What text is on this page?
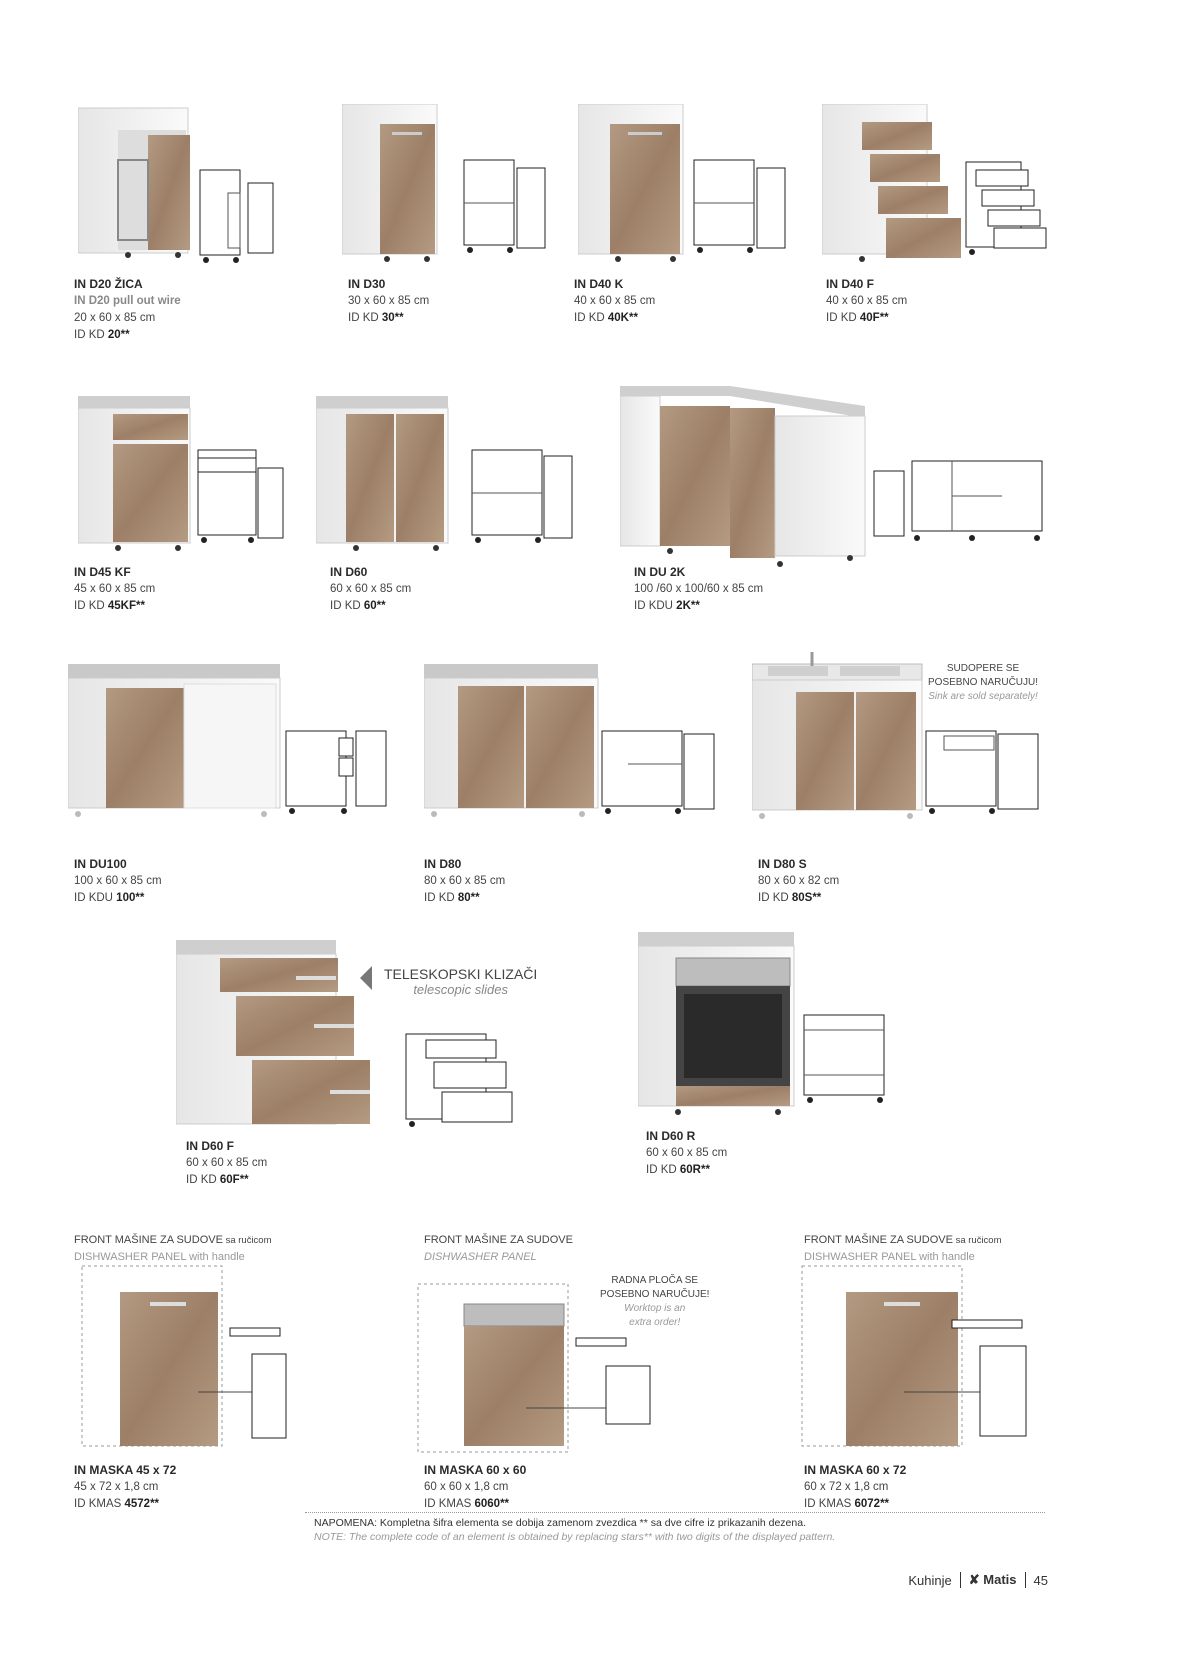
IN D20 ŽICA
IN D20 pull out wire
20 x 60 x 85 cm
ID KD 20**
IN D30
30 x 60 x 85 cm
ID KD 30**
IN D40 K
40 x 60 x 85 cm
ID KD 40K**
IN D40 F
40 x 60 x 85 cm
ID KD 40F**
IN D45 KF
45 x 60 x 85 cm
ID KD 45KF**
IN D60
60 x 60 x 85 cm
ID KD 60**
IN DU 2K
100 /60 x 100/60 x 85 cm
ID KDU 2K**
IN DU100
100 x 60 x 85 cm
ID KDU 100**
IN D80
80 x 60 x 85 cm
ID KD 80**
SUDOPERE SE
POSEBNO NARUČUJU!
Sink are sold separately!
IN D80 S
80 x 60 x 82 cm
ID KD 80S**
TELESKOPSKI KLIZAČI
telescopic slides
IN D60 F
60 x 60 x 85 cm
ID KD 60F**
IN D60 R
60 x 60 x 85 cm
ID KD 60R**
FRONT MAŠINE ZA SUDOVE sa ručicom
DISHWASHER PANEL with handle
IN MASKA 45 x 72
45 x 72 x 1,8 cm
ID KMAS 4572**
FRONT MAŠINE ZA SUDOVE
DISHWASHER PANEL
RADNA PLOČA SE
POSEBNO NARUČUJE!
Worktop is an
extra order!
IN MASKA 60 x 60
60 x 60 x 1,8 cm
ID KMAS 6060**
FRONT MAŠINE ZA SUDOVE sa ručicom
DISHWASHER PANEL with handle
IN MASKA 60 x 72
60 x 72 x 1,8 cm
ID KMAS 6072**
NAPOMENA: Kompletna šifra elementa se dobija zamenom zvezdica ** sa dve cifre iz prikazanih dezena.
NOTE: The complete code of an element is obtained by replacing stars** with two digits of the displayed pattern.
Kuhinje ✘ Matis 45
